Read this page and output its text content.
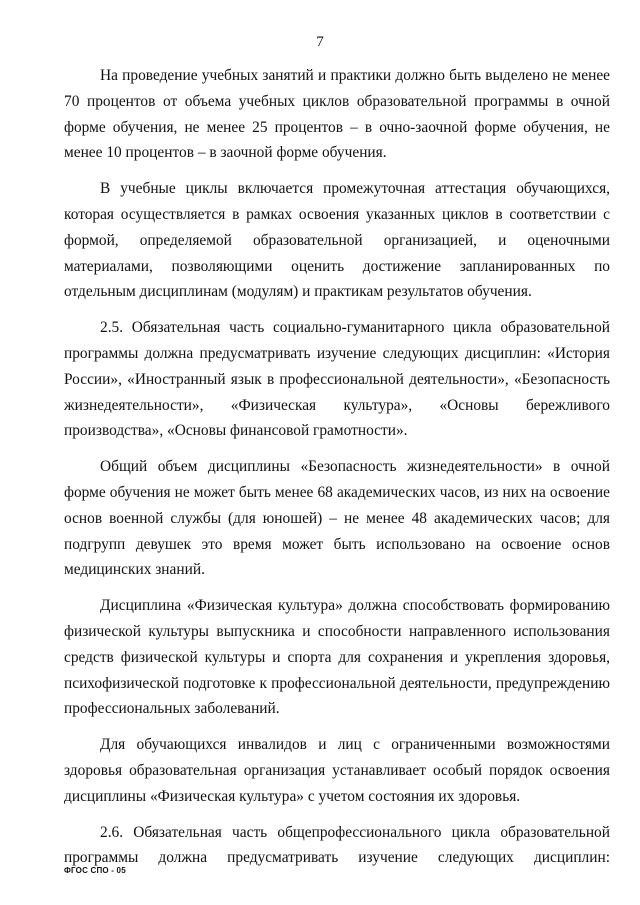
7

На проведение учебных занятий и практики должно быть выделено не менее 70 процентов от объема учебных циклов образовательной программы в очной форме обучения, не менее 25 процентов – в очно-заочной форме обучения, не менее 10 процентов – в заочной форме обучения.

В учебные циклы включается промежуточная аттестация обучающихся, которая осуществляется в рамках освоения указанных циклов в соответствии с формой, определяемой образовательной организацией, и оценочными материалами, позволяющими оценить достижение запланированных по отдельным дисциплинам (модулям) и практикам результатов обучения.

2.5. Обязательная часть социально-гуманитарного цикла образовательной программы должна предусматривать изучение следующих дисциплин: «История России», «Иностранный язык в профессиональной деятельности», «Безопасность жизнедеятельности», «Физическая культура», «Основы бережливого производства», «Основы финансовой грамотности».

Общий объем дисциплины «Безопасность жизнедеятельности» в очной форме обучения не может быть менее 68 академических часов, из них на освоение основ военной службы (для юношей) – не менее 48 академических часов; для подгрупп девушек это время может быть использовано на освоение основ медицинских знаний.

Дисциплина «Физическая культура» должна способствовать формированию физической культуры выпускника и способности направленного использования средств физической культуры и спорта для сохранения и укрепления здоровья, психофизической подготовке к профессиональной деятельности, предупреждению профессиональных заболеваний.

Для обучающихся инвалидов и лиц с ограниченными возможностями здоровья образовательная организация устанавливает особый порядок освоения дисциплины «Физическая культура» с учетом состояния их здоровья.

2.6. Обязательная часть общепрофессионального цикла образовательной программы должна предусматривать изучение следующих дисциплин:

ФГОС СПО - 05
